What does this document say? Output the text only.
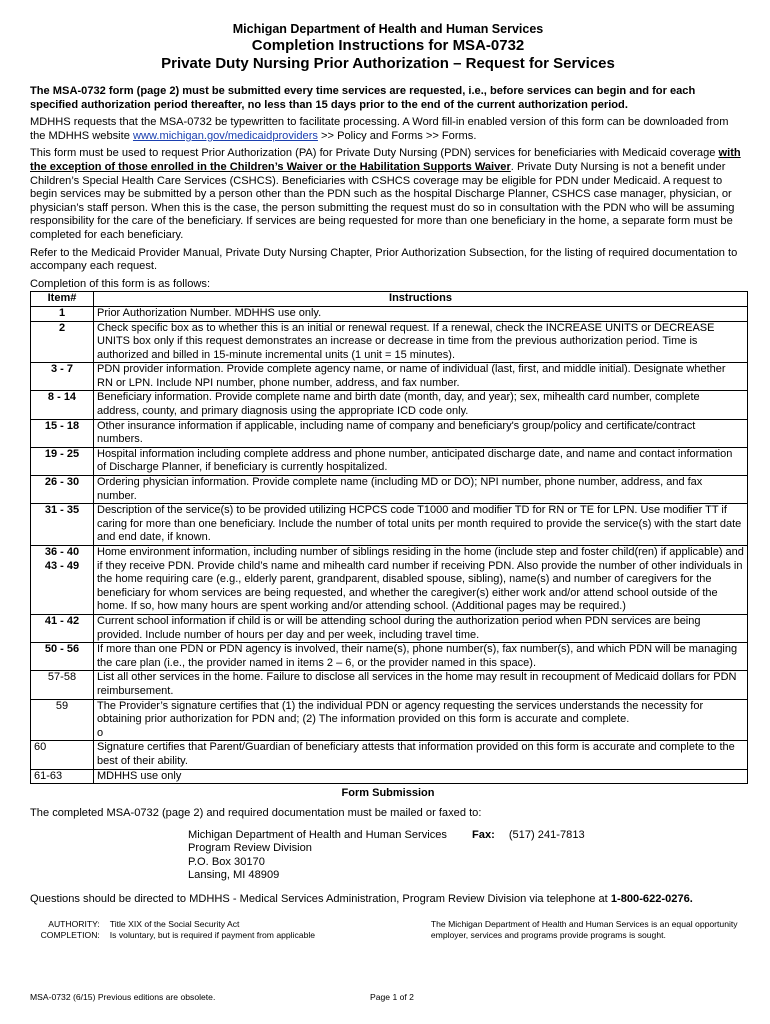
Michigan Department of Health and Human Services
Completion Instructions for MSA-0732
Private Duty Nursing Prior Authorization – Request for Services

The MSA-0732 form (page 2) must be submitted every time services are requested, i.e., before services can begin and for each specified authorization period thereafter, no less than 15 days prior to the end of the current authorization period.

MDHHS requests that the MSA-0732 be typewritten to facilitate processing. A Word fill-in enabled version of this form can be downloaded from the MDHHS website www.michigan.gov/medicaidproviders >> Policy and Forms >> Forms.

This form must be used to request Prior Authorization (PA) for Private Duty Nursing (PDN) services for beneficiaries with Medicaid coverage with the exception of those enrolled in the Children’s Waiver or the Habilitation Supports Waiver. Private Duty Nursing is not a benefit under Children’s Special Health Care Services (CSHCS). Beneficiaries with CSHCS coverage may be eligible for PDN under Medicaid. A request to begin services may be submitted by a person other than the PDN such as the hospital Discharge Planner, CSHCS case manager, physician, or physician’s staff person. When this is the case, the person submitting the request must do so in consultation with the PDN who will be assuming responsibility for the care of the beneficiary. If services are being requested for more than one beneficiary in the home, a separate form must be completed for each beneficiary.

Refer to the Medicaid Provider Manual, Private Duty Nursing Chapter, Prior Authorization Subsection, for the listing of required documentation to accompany each request.

Completion of this form is as follows:

Item#	Instructions
1	Prior Authorization Number. MDHHS use only.
2	Check specific box as to whether this is an initial or renewal request. If a renewal, check the INCREASE UNITS or DECREASE UNITS box only if this request demonstrates an increase or decrease in time from the previous authorization period. Time is authorized and billed in 15-minute incremental units (1 unit = 15 minutes).
3 - 7	PDN provider information. Provide complete agency name, or name of individual (last, first, and middle initial). Designate whether RN or LPN. Include NPI number, phone number, address, and fax number.
8 - 14	Beneficiary information. Provide complete name and birth date (month, day, and year); sex, mihealth card number, complete address, county, and primary diagnosis using the appropriate ICD code only.
15 - 18	Other insurance information if applicable, including name of company and beneficiary's group/policy and certificate/contract numbers.
19 - 25	Hospital information including complete address and phone number, anticipated discharge date, and name and contact information of Discharge Planner, if beneficiary is currently hospitalized.
26 - 30	Ordering physician information. Provide complete name (including MD or DO); NPI number, phone number, address, and fax number.
31 - 35	Description of the service(s) to be provided utilizing HCPCS code T1000 and modifier TD for RN or TE for LPN. Use modifier TT if caring for more than one beneficiary. Include the number of total units per month required to provide the service(s) with the start date and end date, if known.
36 - 40
43 - 49	Home environment information, including number of siblings residing in the home (include step and foster child(ren) if applicable) and if they receive PDN. Provide child’s name and mihealth card number if receiving PDN. Also provide the number of other individuals in the home requiring care (e.g., elderly parent, grandparent, disabled spouse, sibling), name(s) and number of caregivers for the beneficiary for whom services are being requested, and whether the caregiver(s) either work and/or attend school outside of the home. If so, how many hours are spent working and/or attending school. (Additional pages may be required.)
41 - 42	Current school information if child is or will be attending school during the authorization period when PDN services are being provided. Include number of hours per day and per week, including travel time.
50 - 56	If more than one PDN or PDN agency is involved, their name(s), phone number(s), fax number(s), and which PDN will be managing the care plan (i.e., the provider named in items 2 – 6, or the provider named in this space).
57-58	List all other services in the home. Failure to disclose all services in the home may result in recoupment of Medicaid dollars for PDN reimbursement.
59	The Provider’s signature certifies that (1) the individual PDN or agency requesting the services understands the necessity for obtaining prior authorization for PDN and; (2) The information provided on this form is accurate and complete.
o
60	Signature certifies that Parent/Guardian of beneficiary attests that information provided on this form is accurate and complete to the best of their ability.
61-63	MDHHS use only
Form Submission

The completed MSA-0732 (page 2) and required documentation must be mailed or faxed to:

Michigan Department of Health and Human Services
Program Review Division
P.O. Box 30170
Lansing, MI 48909
Fax: (517) 241-7813

Questions should be directed to MDHHS - Medical Services Administration, Program Review Division via telephone at 1-800-622-0276.

AUTHORITY:
COMPLETION:
Title XIX of the Social Security Act
Is voluntary, but is required if payment from applicable
The Michigan Department of Health and Human Services is an equal opportunity employer, services and programs provide programs is sought.
MSA-0732 (6/15) Previous editions are obsolete.	Page 1 of 2
